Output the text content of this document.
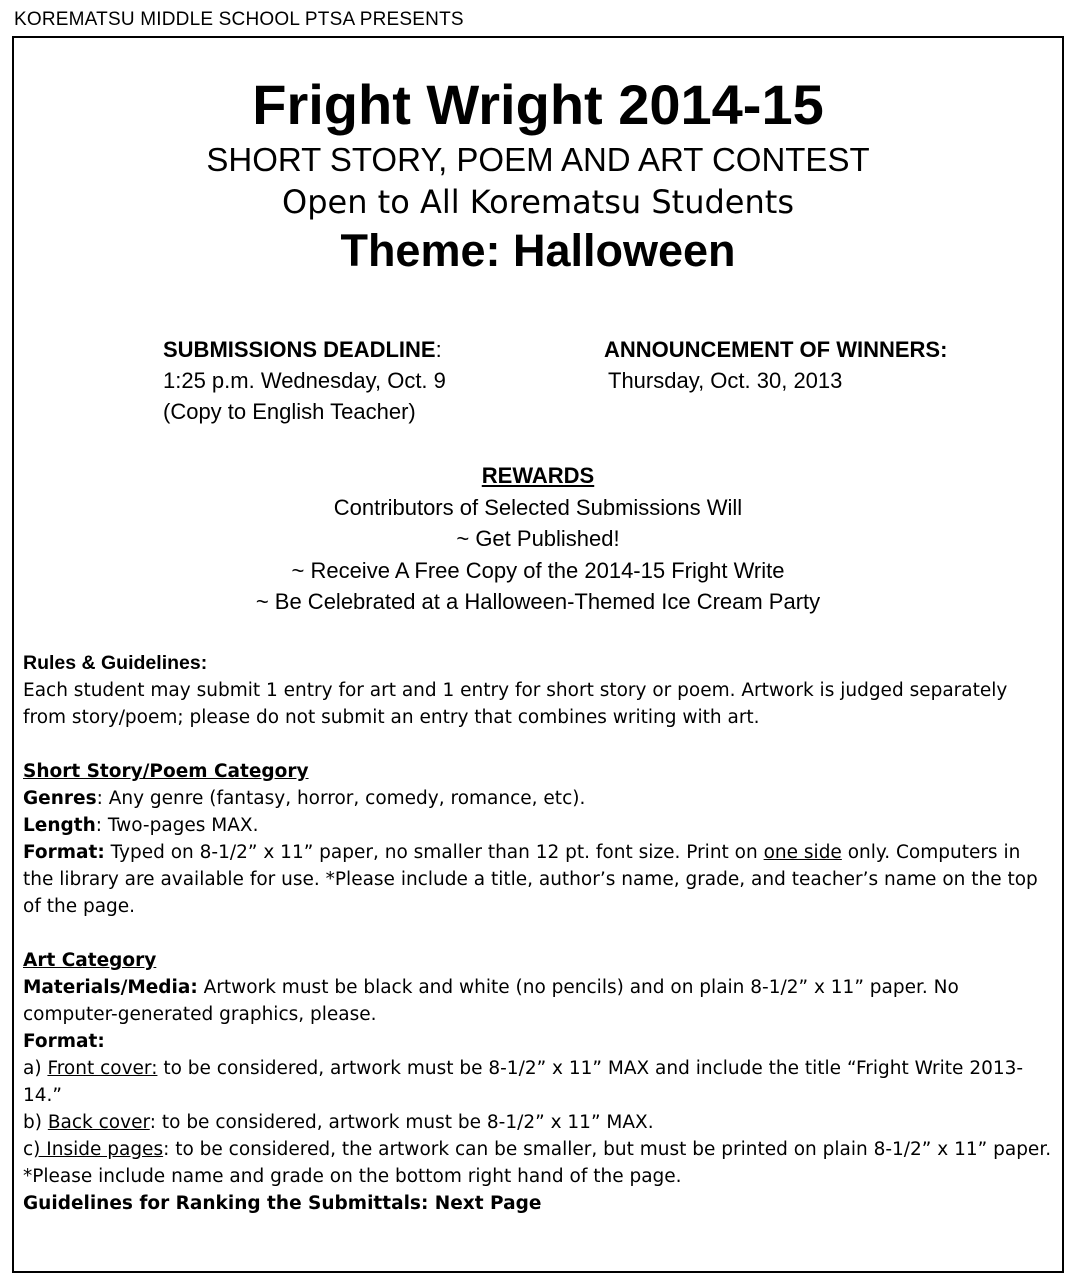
KOREMATSU MIDDLE SCHOOL PTSA PRESENTS
Fright Wright 2014-15
SHORT STORY, POEM AND ART CONTEST
Open to All Korematsu Students
Theme: Halloween
SUBMISSIONS DEADLINE:
1:25 p.m. Wednesday, Oct. 9
(Copy to English Teacher)
ANNOUNCEMENT OF WINNERS:
Thursday, Oct. 30, 2013
REWARDS
Contributors of Selected Submissions Will
~ Get Published!
~ Receive A Free Copy of the 2014-15 Fright Write
~ Be Celebrated at a Halloween-Themed Ice Cream Party
Rules & Guidelines:
Each student may submit 1 entry for art and 1 entry for short story or poem. Artwork is judged separately from story/poem; please do not submit an entry that combines writing with art.
Short Story/Poem Category
Genres: Any genre (fantasy, horror, comedy, romance, etc).
Length: Two-pages MAX.
Format: Typed on 8-1/2” x 11” paper, no smaller than 12 pt. font size. Print on one side only. Computers in the library are available for use. *Please include a title, author’s name, grade, and teacher’s name on the top of the page.
Art Category
Materials/Media: Artwork must be black and white (no pencils) and on plain 8-1/2” x 11” paper. No computer-generated graphics, please.
Format:
a) Front cover: to be considered, artwork must be 8-1/2” x 11” MAX and include the title “Fright Write 2013-14.”
b) Back cover: to be considered, artwork must be 8-1/2” x 11” MAX.
c) Inside pages: to be considered, the artwork can be smaller, but must be printed on plain 8-1/2” x 11” paper.
*Please include name and grade on the bottom right hand of the page.
Guidelines for Ranking the Submittals: Next Page
